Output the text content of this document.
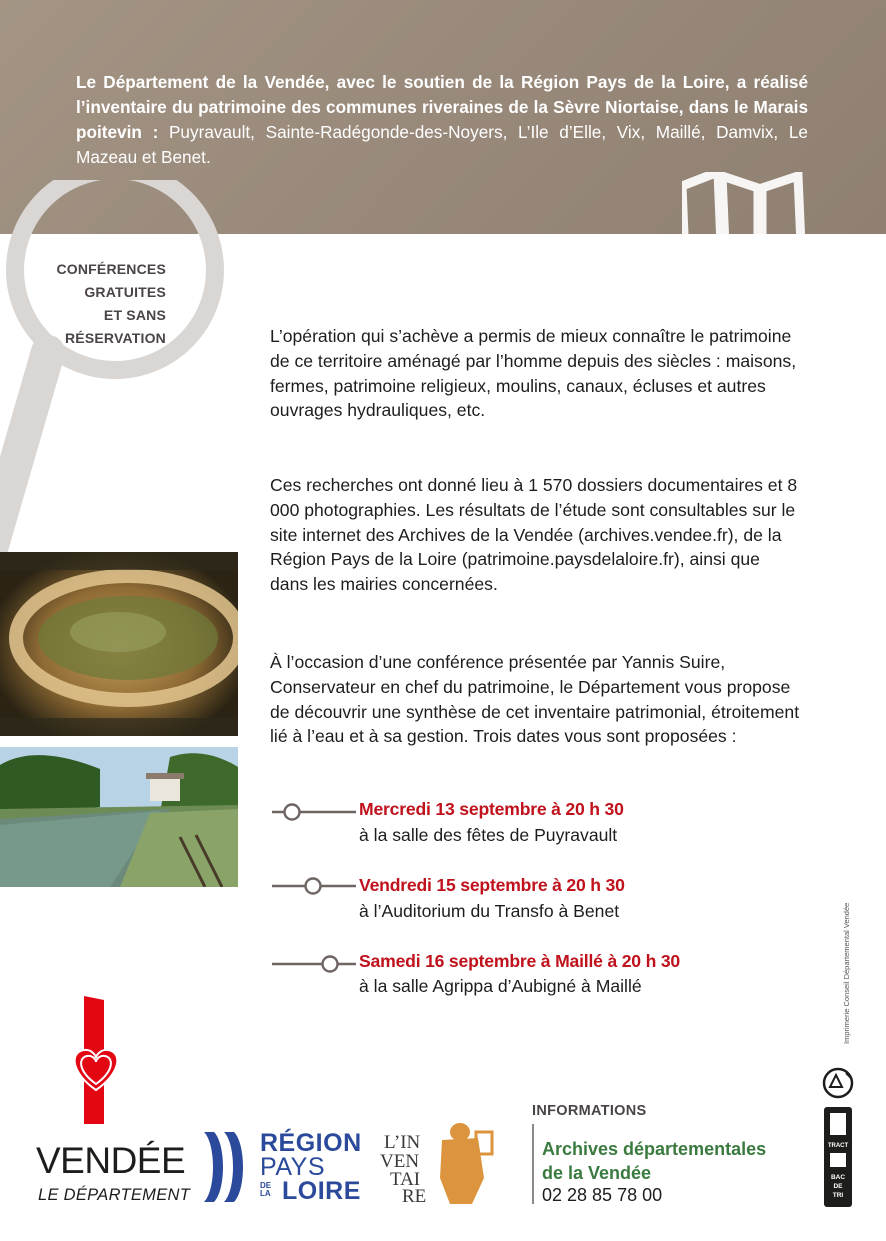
Le Département de la Vendée, avec le soutien de la Région Pays de la Loire, a réalisé l’inventaire du patrimoine des communes riveraines de la Sèvre Niortaise, dans le Marais poitevin : Puyravault, Sainte-Radégonde-des-Noyers, L’Ile d’Elle, Vix, Maillé, Damvix, Le Mazeau et Benet.
CONFÉRENCES
GRATUITES
ET SANS
RÉSERVATION	L’opération qui s’achève a permis de mieux connaître le patrimoine de ce territoire aménagé par l’homme depuis des siècles : maisons, fermes, patrimoine religieux, moulins, canaux, écluses et autres ouvrages hydrauliques, etc.
Ces recherches ont donné lieu à 1 570 dossiers documentaires et 8 000 photographies. Les résultats de l’étude sont consultables sur le site internet des Archives de la Vendée (archives.vendee.fr), de la Région Pays de la Loire (patrimoine.paysdelaloire.fr), ainsi que dans les mairies concernées.
À l’occasion d’une conférence présentée par Yannis Suire, Conservateur en chef du patrimoine, le Département vous propose de découvrir une synthèse de cet inventaire patrimonial, étroitement lié à l’eau et à sa gestion. Trois dates vous sont proposées :
Mercredi 13 septembre à 20 h 30
à la salle des fêtes de Puyravault
Vendredi 15 septembre à 20 h 30
à l’Auditorium du Transfo à Benet
Samedi 16 septembre à Maillé à 20 h 30
à la salle Agrippa d’Aubigné à Maillé
VENDÉE
LE DÉPARTEMENT
RÉGION
PAYS
LOIRE
DE
LA
L’IN
VEN
TAI
RE
INFORMATIONS
Archives départementales
de la Vendée
02 28 85 78 00
Imprimerie Conseil Départemental Vendée
TRACT
BAC
DE
TRI
